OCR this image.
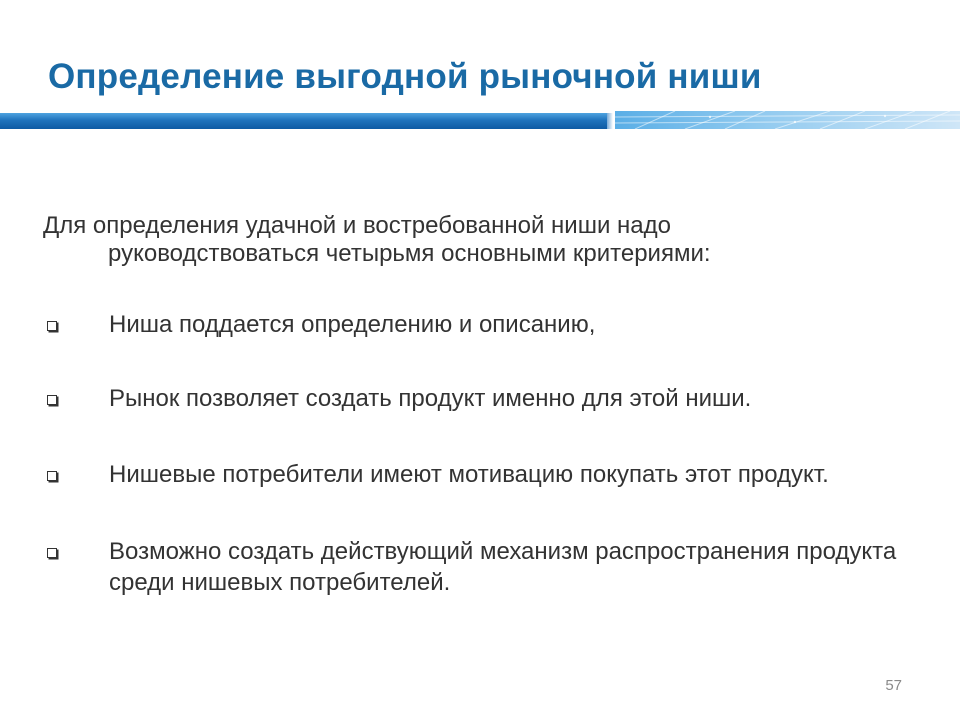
Определение выгодной рыночной ниши
Для определения удачной и востребованной ниши надо
руководствоваться четырьмя основными критериями:
Ниша поддается определению и описанию,
Рынок позволяет создать продукт именно для этой ниши.
Нишевые потребители имеют мотивацию покупать этот продукт.
Возможно создать действующий механизм распространения продукта среди нишевых потребителей.
57
